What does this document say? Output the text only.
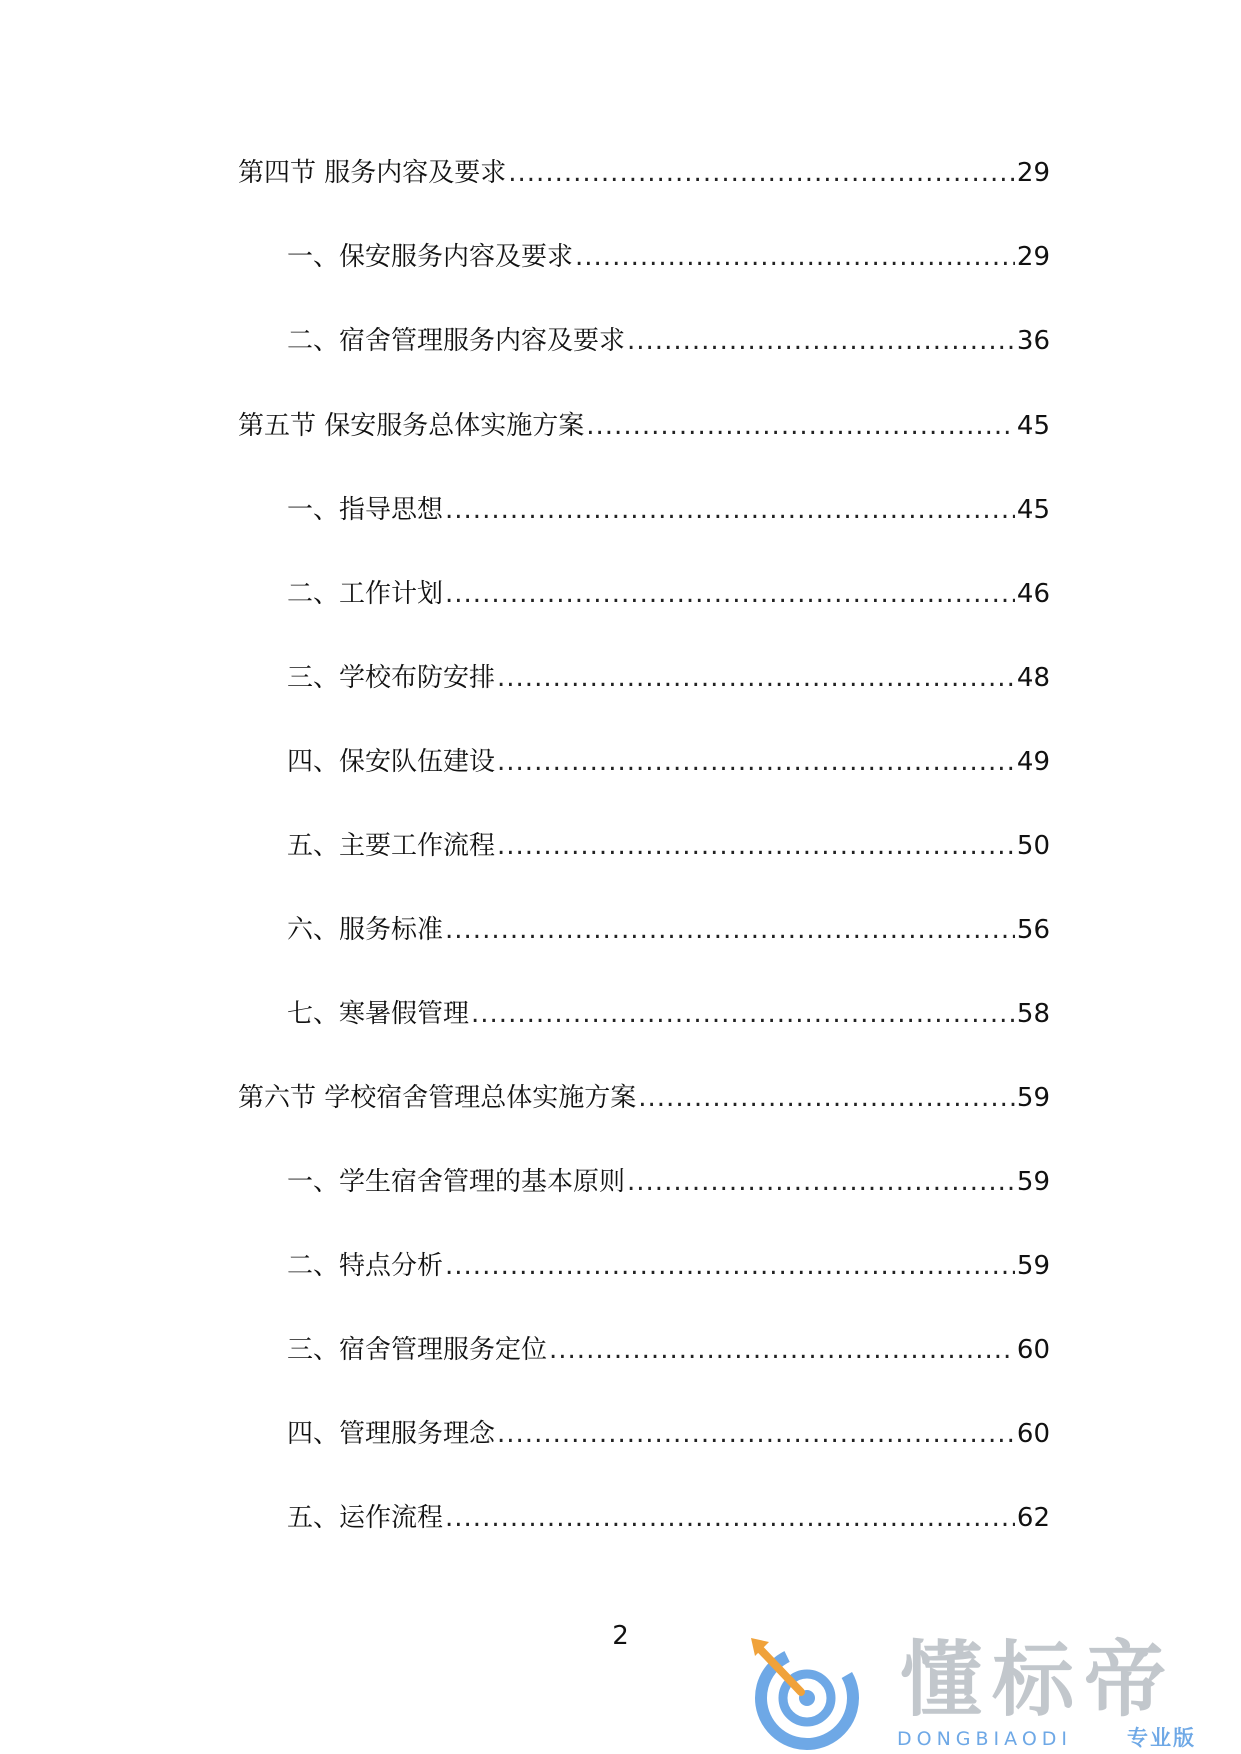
第四节 服务内容及要求 .....	29
一、保安服务内容及要求 .....	29
二、宿舍管理服务内容及要求 .....	36
第五节 保安服务总体实施方案 .....	45
一、指导思想 .....	45
二、工作计划 .....	46
三、学校布防安排 .....	48
四、保安队伍建设 .....	49
五、主要工作流程 .....	50
六、服务标准 .....	56
七、寒暑假管理 .....	58
第六节 学校宿舍管理总体实施方案 .....	59
一、学生宿舍管理的基本原则 .....	59
二、特点分析 .....	59
三、宿舍管理服务定位 .....	60
四、管理服务理念 .....	60
五、运作流程 .....	62
2	懂标帝
DONGBIAODI	专业版
